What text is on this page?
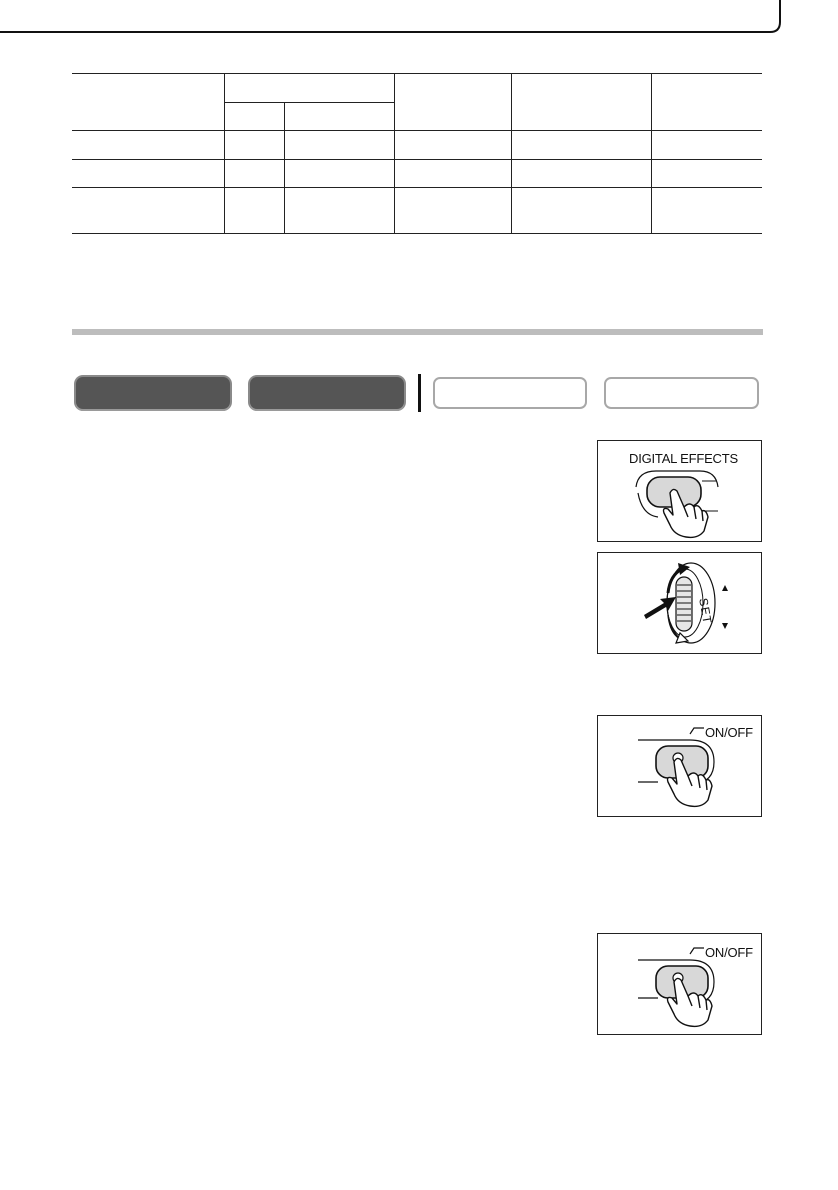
DIGITAL EFFECTS
SET
ON/OFF
ON/OFF
